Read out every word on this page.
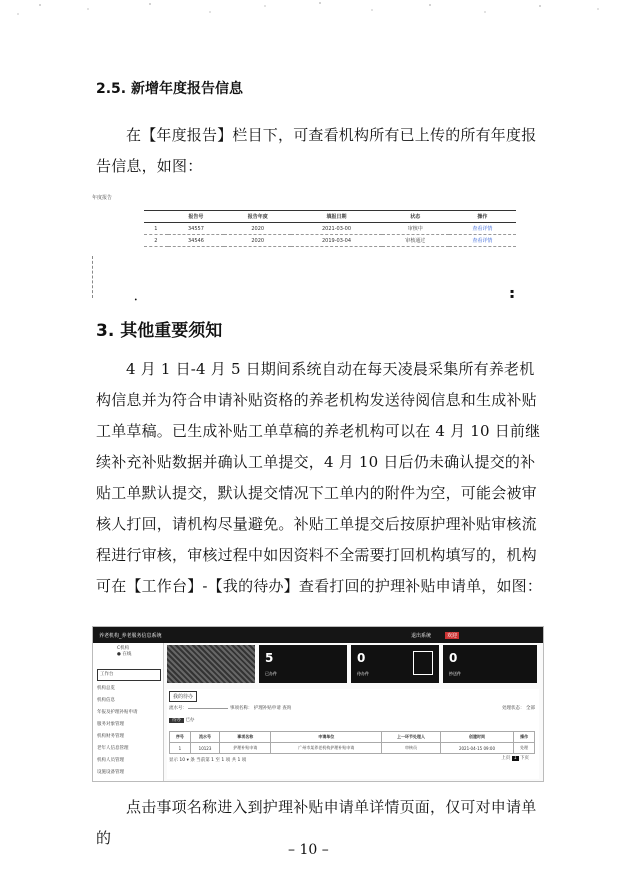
2.5. 新增年度报告信息
在【年度报告】栏目下，可查看机构所有已上传的所有年度报告信息，如图：
年度报告
	报告号	报告年度	填报日期	状态	操作
1	34557	2020	2021-03-00	审核中	查看详情
2	34546	2020	2019-03-04	审核通过	查看详情
•
▪
▪
3. 其他重要须知
4 月 1 日-4 月 5 日期间系统自动在每天凌晨采集所有养老机构信息并为符合申请补贴资格的养老机构发送待阅信息和生成补贴工单草稿。已生成补贴工单草稿的养老机构可以在 4 月 10 日前继续补充补贴数据并确认工单提交，4 月 10 日后仍未确认提交的补贴工单默认提交，默认提交情况下工单内的附件为空，可能会被审核人打回，请机构尽量避免。补贴工单提交后按原护理补贴审核流程进行审核，审核过程中如因资料不全需要打回机构填写的，机构可在【工作台】-【我的待办】查看打回的护理补贴申请单，如图：
养老机构_养老服务信息系统	退出系统	欢迎
C机构
● 在线
工作台
机构总览
机构信息
年报及护理补贴申请
服务对象管理
机构财务管理
老年人信息管理
机构人员管理
设施设备管理
5
已办件
0
待办件
0
抄送件
我的待办
流水号：	事项名称： 护理补贴申请 查询	处理状态： 全部
待办 已办
序号	流水号	事项名称	申请单位	上一环节处理人	创建时间	操作
1	10123	护理补贴申请	广州市某养老机构护理补贴申请	审核员	2021-04-15 09:00	处理
显示 10 ▾ 条 当前第 1 至 1 项 共 1 项	上页 1 下页
点击事项名称进入到护理补贴申请单详情页面，仅可对申请单的
– 10 –
